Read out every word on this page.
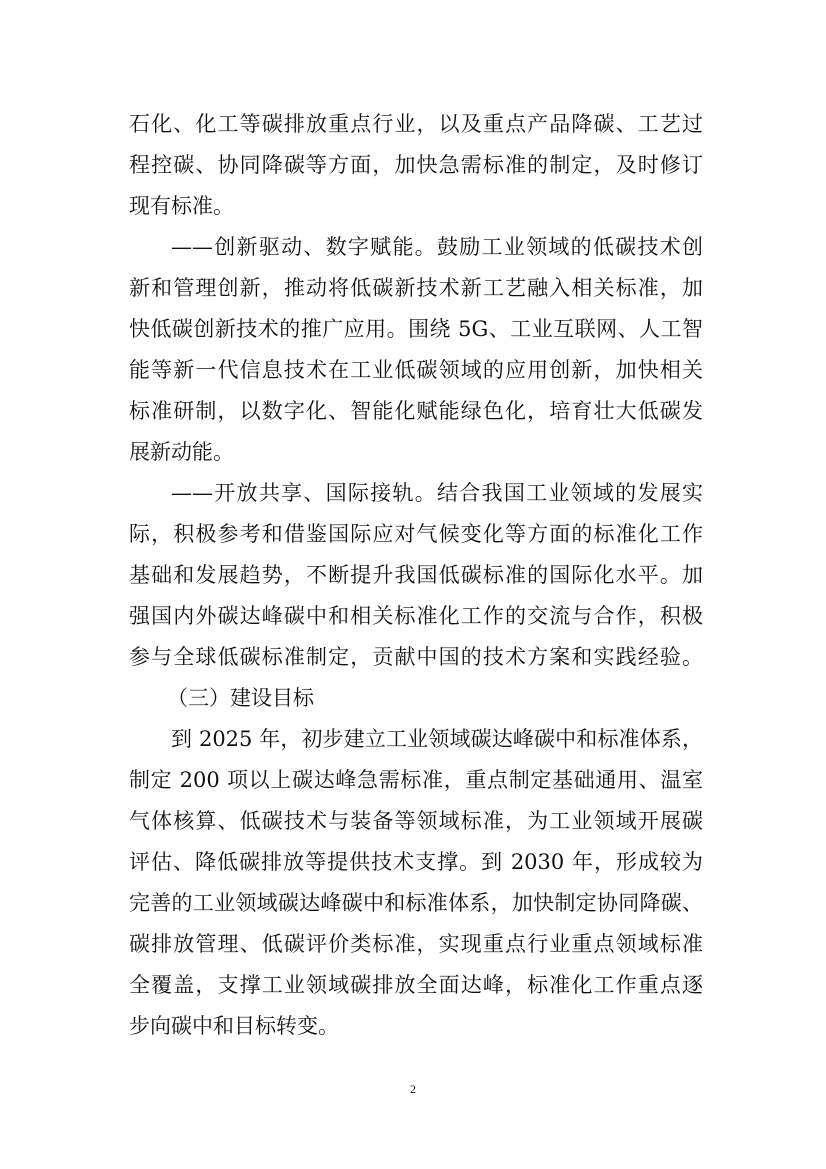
石化、化工等碳排放重点行业，以及重点产品降碳、工艺过
程控碳、协同降碳等方面，加快急需标准的制定，及时修订
现有标准。
——创新驱动、数字赋能。鼓励工业领域的低碳技术创
新和管理创新，推动将低碳新技术新工艺融入相关标准，加
快低碳创新技术的推广应用。围绕 5G、工业互联网、人工智
能等新一代信息技术在工业低碳领域的应用创新，加快相关
标准研制，以数字化、智能化赋能绿色化，培育壮大低碳发
展新动能。
——开放共享、国际接轨。结合我国工业领域的发展实
际，积极参考和借鉴国际应对气候变化等方面的标准化工作
基础和发展趋势，不断提升我国低碳标准的国际化水平。加
强国内外碳达峰碳中和相关标准化工作的交流与合作，积极
参与全球低碳标准制定，贡献中国的技术方案和实践经验。
（三）建设目标
到 2025 年，初步建立工业领域碳达峰碳中和标准体系，
制定 200 项以上碳达峰急需标准，重点制定基础通用、温室
气体核算、低碳技术与装备等领域标准，为工业领域开展碳
评估、降低碳排放等提供技术支撑。到 2030 年，形成较为
完善的工业领域碳达峰碳中和标准体系，加快制定协同降碳、
碳排放管理、低碳评价类标准，实现重点行业重点领域标准
全覆盖，支撑工业领域碳排放全面达峰，标准化工作重点逐
步向碳中和目标转变。
2
